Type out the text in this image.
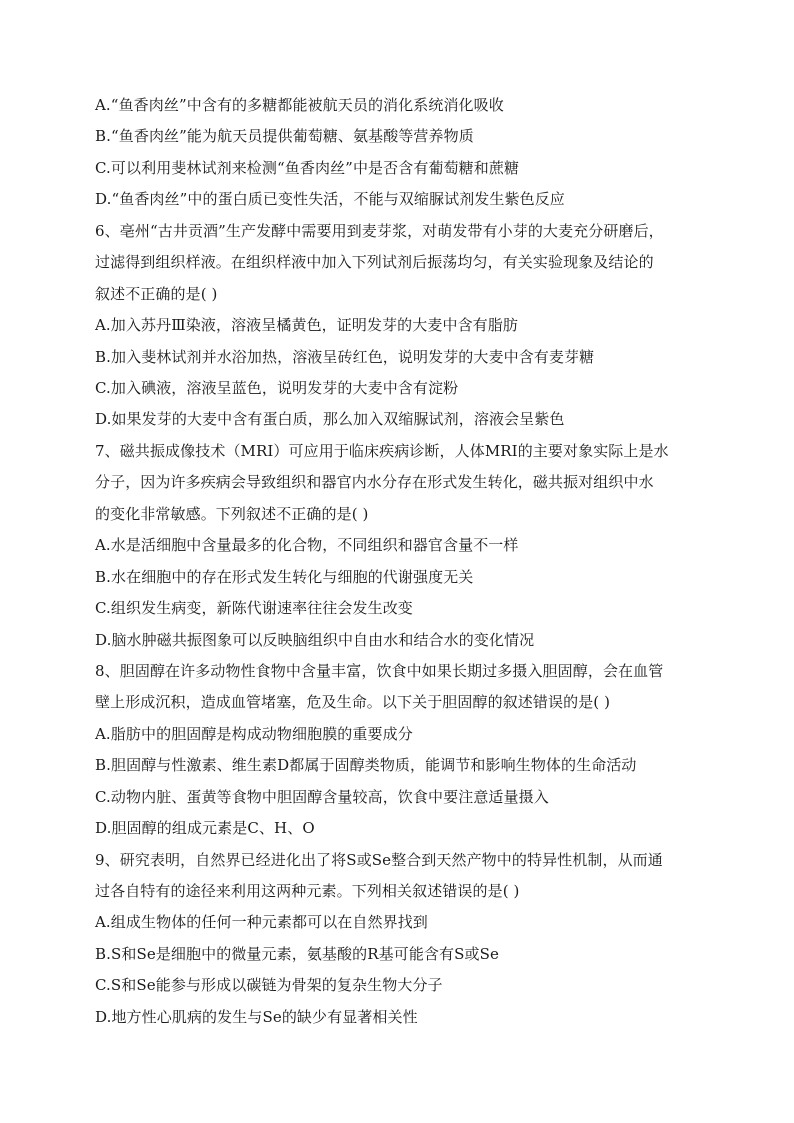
A.“鱼香肉丝”中含有的多糖都能被航天员的消化系统消化吸收
B.“鱼香肉丝”能为航天员提供葡萄糖、氨基酸等营养物质
C.可以利用斐林试剂来检测“鱼香肉丝”中是否含有葡萄糖和蔗糖
D.“鱼香肉丝”中的蛋白质已变性失活，不能与双缩脲试剂发生紫色反应
6、亳州“古井贡酒”生产发酵中需要用到麦芽浆，对萌发带有小芽的大麦充分研磨后，
过滤得到组织样液。在组织样液中加入下列试剂后振荡均匀，有关实验现象及结论的
叙述不正确的是( )
A.加入苏丹Ⅲ染液，溶液呈橘黄色，证明发芽的大麦中含有脂肪
B.加入斐林试剂并水浴加热，溶液呈砖红色，说明发芽的大麦中含有麦芽糖
C.加入碘液，溶液呈蓝色，说明发芽的大麦中含有淀粉
D.如果发芽的大麦中含有蛋白质，那么加入双缩脲试剂，溶液会呈紫色
7、磁共振成像技术（MRI）可应用于临床疾病诊断，人体MRI的主要对象实际上是水
分子，因为许多疾病会导致组织和器官内水分存在形式发生转化，磁共振对组织中水
的变化非常敏感。下列叙述不正确的是( )
A.水是活细胞中含量最多的化合物，不同组织和器官含量不一样
B.水在细胞中的存在形式发生转化与细胞的代谢强度无关
C.组织发生病变，新陈代谢速率往往会发生改变
D.脑水肿磁共振图象可以反映脑组织中自由水和结合水的变化情况
8、胆固醇在许多动物性食物中含量丰富，饮食中如果长期过多摄入胆固醇，会在血管
壁上形成沉积，造成血管堵塞，危及生命。以下关于胆固醇的叙述错误的是( )
A.脂肪中的胆固醇是构成动物细胞膜的重要成分
B.胆固醇与性激素、维生素D都属于固醇类物质，能调节和影响生物体的生命活动
C.动物内脏、蛋黄等食物中胆固醇含量较高，饮食中要注意适量摄入
D.胆固醇的组成元素是C、H、O
9、研究表明，自然界已经进化出了将S或Se整合到天然产物中的特异性机制，从而通
过各自特有的途径来利用这两种元素。下列相关叙述错误的是( )
A.组成生物体的任何一种元素都可以在自然界找到
B.S和Se是细胞中的微量元素，氨基酸的R基可能含有S或Se
C.S和Se能参与形成以碳链为骨架的复杂生物大分子
D.地方性心肌病的发生与Se的缺少有显著相关性
